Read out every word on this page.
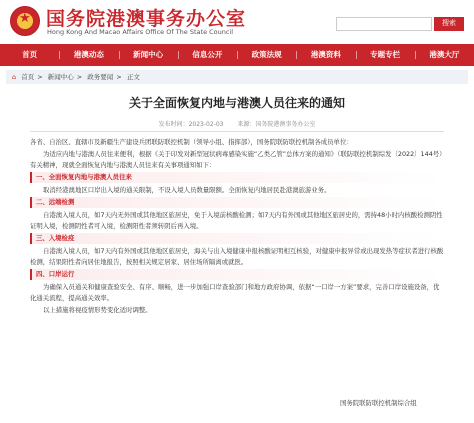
★
国务院港澳事务办公室
Hong Kong And Macao Affairs Office Of The State Council
搜索
首页	港澳动态	新闻中心	信息公开	政策法规	港澳资料	专题专栏	港澳大厅
⌂ 首页 > 新闻中心 > 政务要闻 > 正文
关于全面恢复内地与港澳人员往来的通知
发布时间：2023-02-03 来源：国务院港澳事务办公室
各省、自治区、直辖市及新疆生产建设兵团联防联控机制（领导小组、指挥部），国务院联防联控机制各成员单位：
为适应内地与港澳人员往来便利，根据《关于印发对新型冠状病毒感染实施“乙类乙管”总体方案的通知》（联防联控机制综发〔2022〕144号）有关精神，现就全面恢复内地与港澳人员往来有关事项通知如下：
一、全面恢复内地与港澳人员往来
取消经港澳地区口岸出入境的通关限制，不设入境人员数量限额。全面恢复内地居民赴港澳旅游业务。
二、远端检测
自港澳入境人员，如7天内无外国或其他地区旅居史，免于入境前核酸检测；如7天内有外国或其他地区旅居史的，需持48小时内核酸检测阴性证明入境，检测阴性者可入境，检测阳性者须转阴后再入境。
三、入境检疫
自港澳入境人员，如7天内有外国或其他地区旅居史，海关与出入境健康申报核酸证明相互核验，对健康申报异常或出现发热等症状者进行核酸检测，结果阳性者向居住地报告，按照相关规定居家、居住场所隔离或就医。
四、口岸运行
为确保入员通关和健康查验安全、有序、顺畅，进一步加强口岸查验部门和地方政府协调，依据“一口岸一方案”要求，完善口岸设施设备，优化通关流程，提高通关效率。
以上措施将视疫情形势变化适时调整。
国务院联防联控机制综合组
